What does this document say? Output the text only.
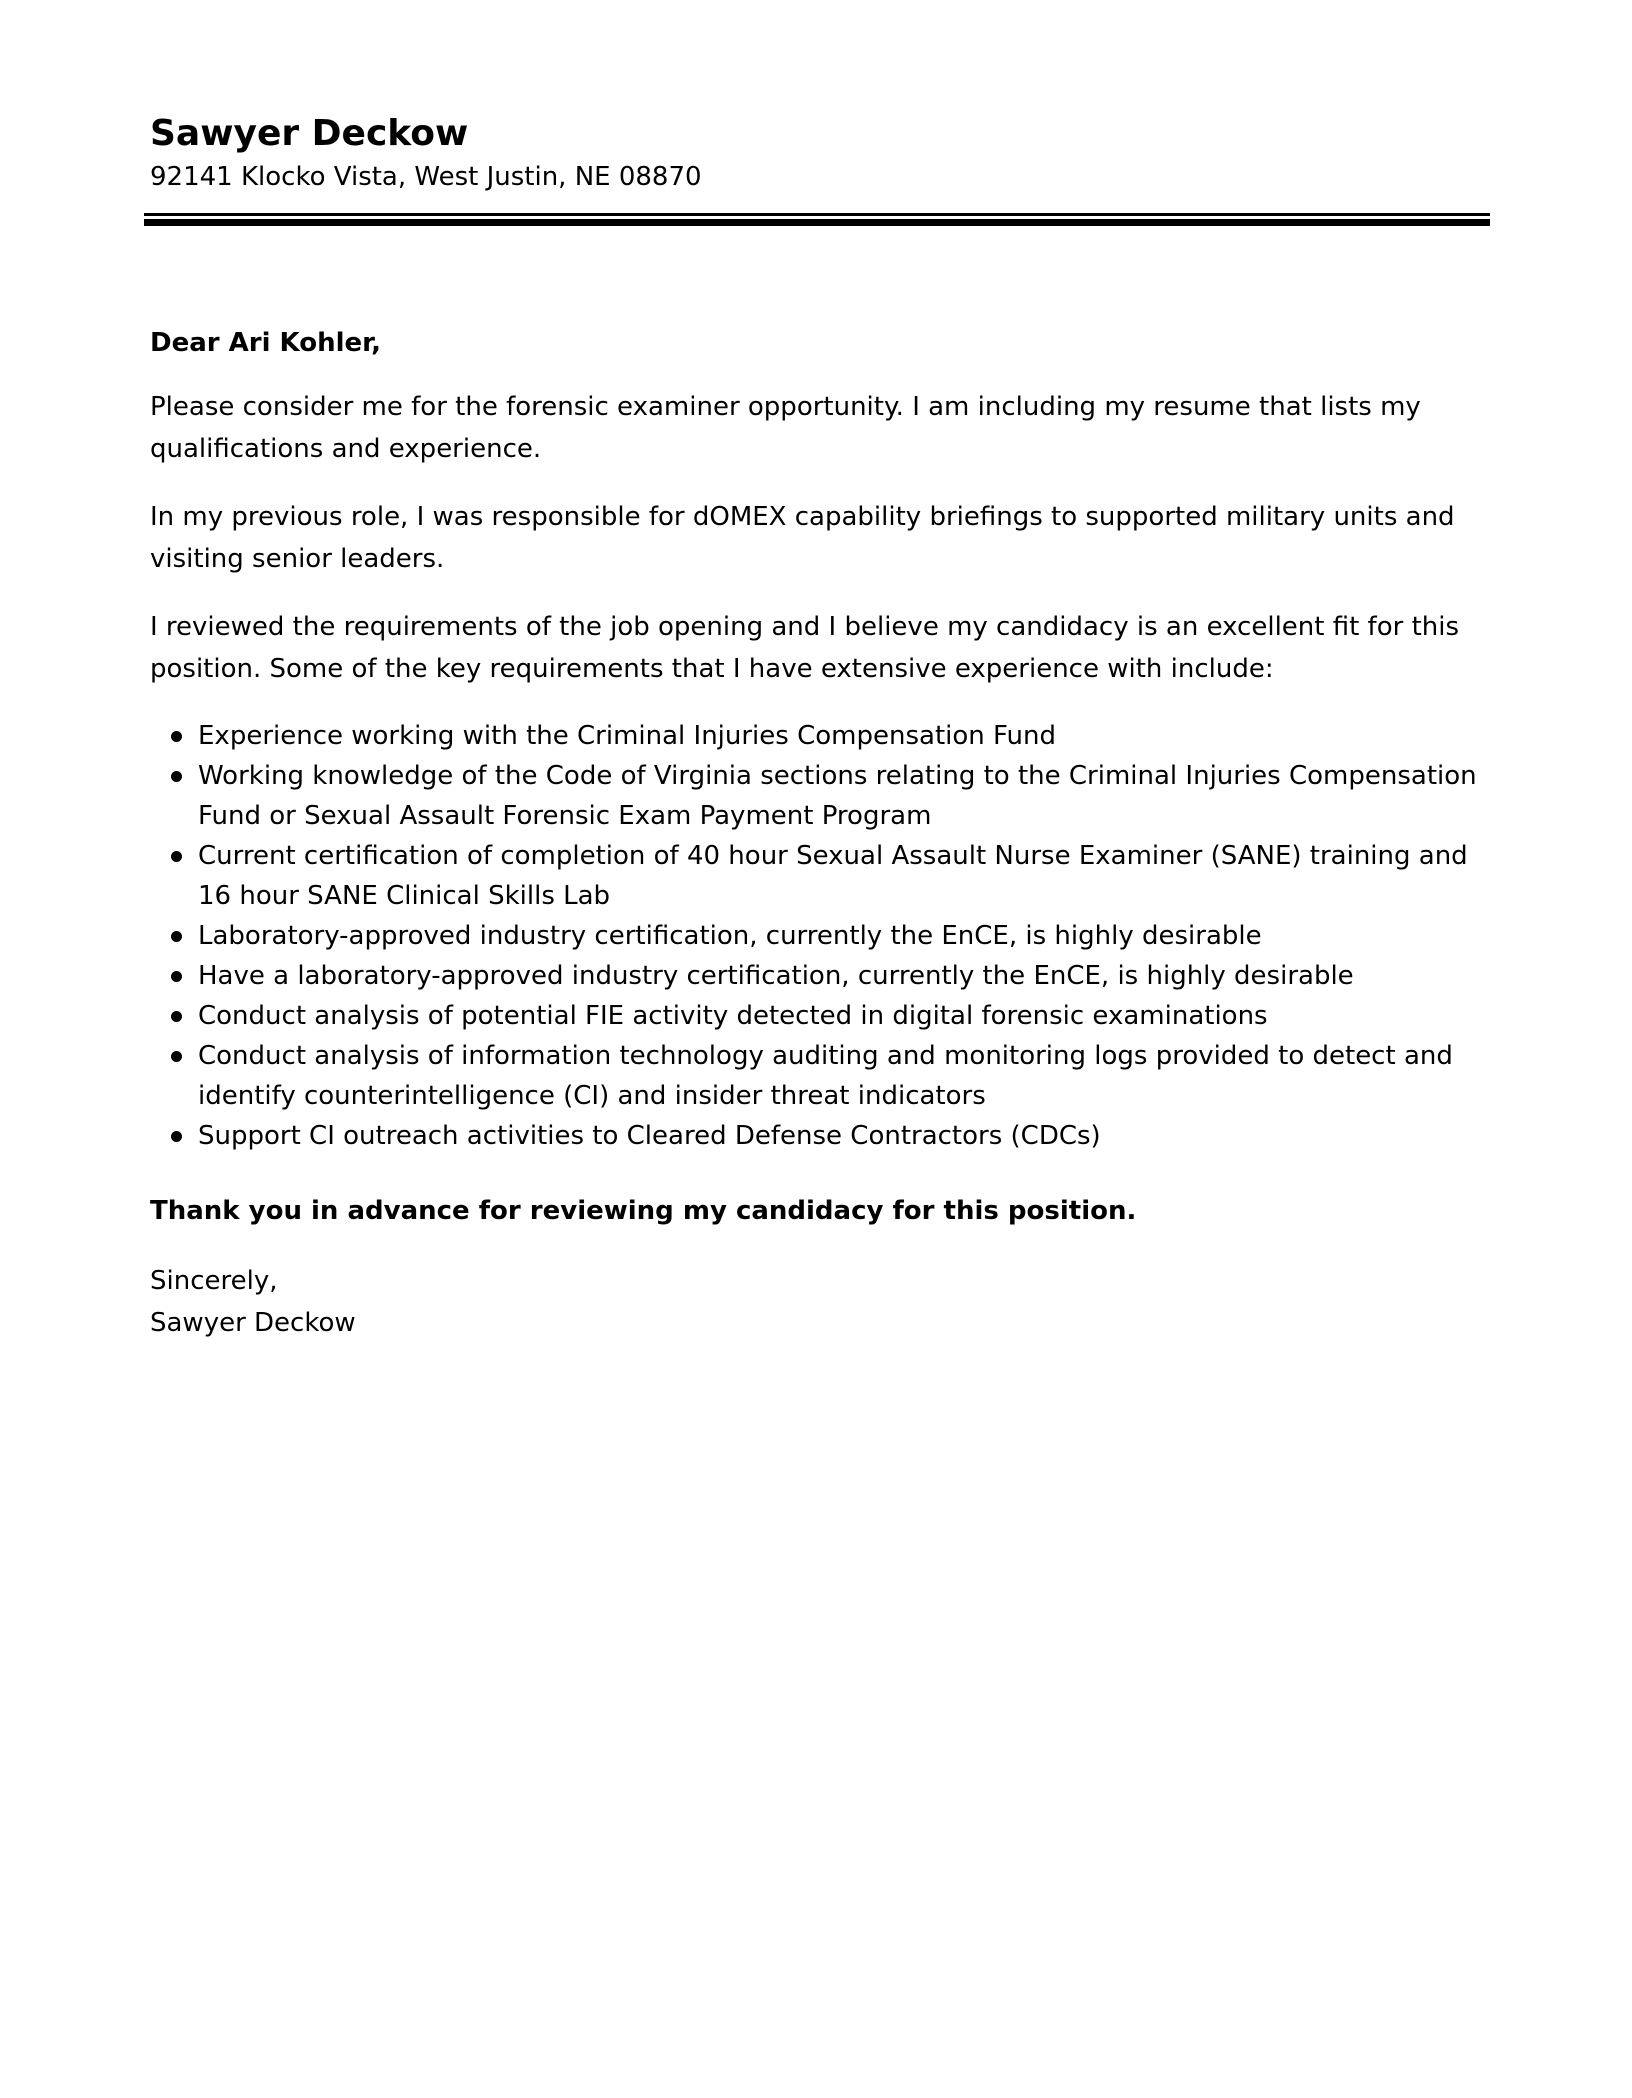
Sawyer Deckow
92141 Klocko Vista, West Justin, NE 08870

Dear Ari Kohler,

Please consider me for the forensic examiner opportunity. I am including my resume that lists my qualifications and experience.

In my previous role, I was responsible for dOMEX capability briefings to supported military units and visiting senior leaders.

I reviewed the requirements of the job opening and I believe my candidacy is an excellent fit for this position. Some of the key requirements that I have extensive experience with include:

Experience working with the Criminal Injuries Compensation Fund
Working knowledge of the Code of Virginia sections relating to the Criminal Injuries Compensation Fund or Sexual Assault Forensic Exam Payment Program
Current certification of completion of 40 hour Sexual Assault Nurse Examiner (SANE) training and 16 hour SANE Clinical Skills Lab
Laboratory-approved industry certification, currently the EnCE, is highly desirable
Have a laboratory-approved industry certification, currently the EnCE, is highly desirable
Conduct analysis of potential FIE activity detected in digital forensic examinations
Conduct analysis of information technology auditing and monitoring logs provided to detect and identify counterintelligence (CI) and insider threat indicators
Support CI outreach activities to Cleared Defense Contractors (CDCs)

Thank you in advance for reviewing my candidacy for this position.

Sincerely,

Sawyer Deckow
